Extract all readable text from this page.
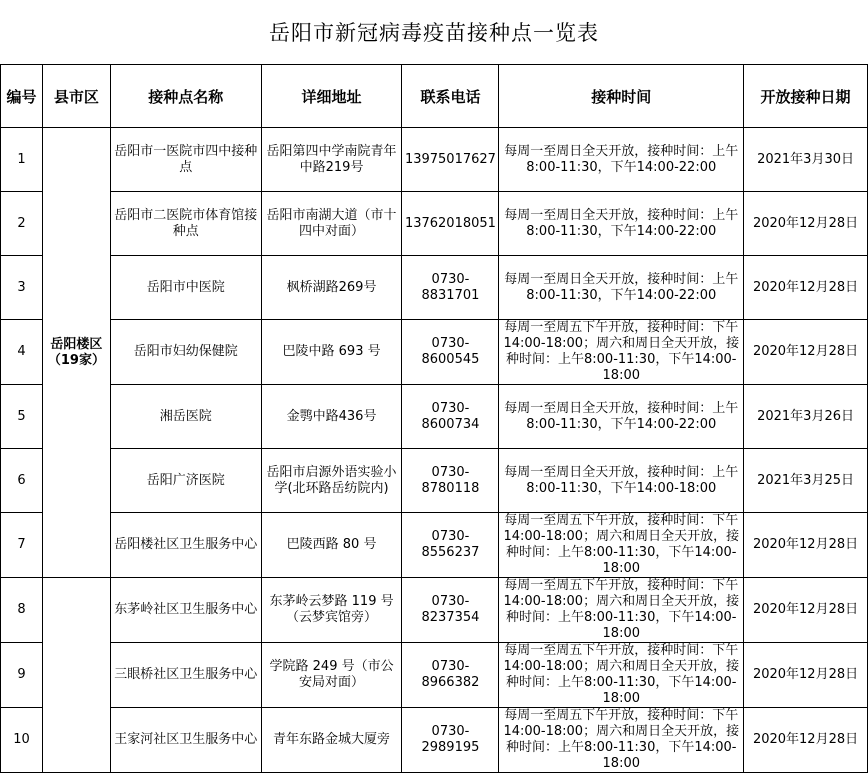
岳阳市新冠病毒疫苗接种点一览表
编号	县市区	接种点名称	详细地址	联系电话	接种时间	开放接种日期
1	岳阳楼区（19家）	岳阳市一医院市四中接种点	岳阳第四中学南院青年中路219号	13975017627	每周一至周日全天开放，接种时间：上午8:00-11:30，下午14:00-22:00	2021年3月30日
2		岳阳市二医院市体育馆接种点	岳阳市南湖大道（市十四中对面）	13762018051	每周一至周日全天开放，接种时间：上午8:00-11:30，下午14:00-22:00	2020年12月28日
3		岳阳市中医院	枫桥湖路269号	0730-8831701	每周一至周日全天开放，接种时间：上午8:00-11:30，下午14:00-22:00	2020年12月28日
4		岳阳市妇幼保健院	巴陵中路 693 号	0730-8600545	每周一至周五下午开放，接种时间：下午14:00-18:00；周六和周日全天开放，接种时间：上午8:00-11:30，下午14:00-18:00	2020年12月28日
5		湘岳医院	金鹗中路436号	0730-8600734	每周一至周日全天开放，接种时间：上午8:00-11:30，下午14:00-22:00	2021年3月26日
6		岳阳广济医院	岳阳市启源外语实验小学(北环路岳纺院内)	0730-8780118	每周一至周日全天开放，接种时间：上午8:00-11:30，下午14:00-18:00	2021年3月25日
7		岳阳楼社区卫生服务中心	巴陵西路 80 号	0730-8556237	每周一至周五下午开放，接种时间：下午14:00-18:00；周六和周日全天开放，接种时间：上午8:00-11:30，下午14:00-18:00	2020年12月28日
8		东茅岭社区卫生服务中心	东茅岭云梦路 119 号（云梦宾馆旁）	0730-8237354	每周一至周五下午开放，接种时间：下午14:00-18:00；周六和周日全天开放，接种时间：上午8:00-11:30，下午14:00-18:00	2020年12月28日
9		三眼桥社区卫生服务中心	学院路 249 号（市公安局对面）	0730-8966382	每周一至周五下午开放，接种时间：下午14:00-18:00；周六和周日全天开放，接种时间：上午8:00-11:30，下午14:00-18:00	2020年12月28日
10		王家河社区卫生服务中心	青年东路金城大厦旁	0730-2989195	每周一至周五下午开放，接种时间：下午14:00-18:00；周六和周日全天开放，接种时间：上午8:00-11:30，下午14:00-18:00	2020年12月28日
